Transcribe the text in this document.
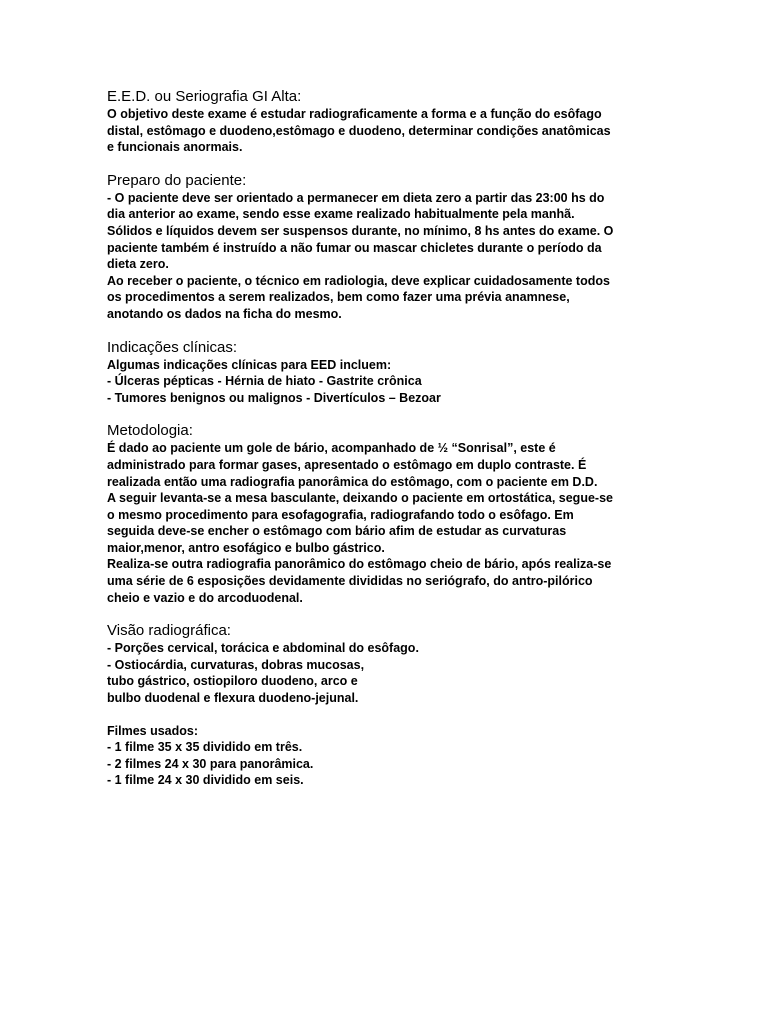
E.E.D. ou Seriografia GI Alta:
O objetivo deste exame é estudar radiograficamente a forma e a função do esôfago
distal, estômago e duodeno,estômago e duodeno, determinar condições anatômicas
e funcionais anormais.
Preparo do paciente:
- O paciente deve ser orientado a permanecer em dieta zero a partir das 23:00 hs do
dia anterior ao exame, sendo esse exame realizado habitualmente pela manhã.
Sólidos e líquidos devem ser suspensos durante, no mínimo, 8 hs antes do exame. O
paciente também é instruído a não fumar ou mascar chicletes durante o período da
dieta zero.
Ao receber o paciente, o técnico em radiologia, deve explicar cuidadosamente todos
os procedimentos a serem realizados, bem como fazer uma prévia anamnese,
anotando os dados na ficha do mesmo.
Indicações clínicas:
Algumas indicações clínicas para EED incluem:
- Úlceras pépticas - Hérnia de hiato - Gastrite crônica
- Tumores benignos ou malignos - Divertículos – Bezoar
Metodologia:
É dado ao paciente um gole de bário, acompanhado de ½ “Sonrisal”, este é
administrado para formar gases, apresentado o estômago em duplo contraste. É
realizada então uma radiografia panorâmica do estômago, com o paciente em D.D.
A seguir levanta-se a mesa basculante, deixando o paciente em ortostática, segue-se
o mesmo procedimento para esofagografia, radiografando todo o esôfago. Em
seguida deve-se encher o estômago com bário afim de estudar as curvaturas
maior,menor, antro esofágico e bulbo gástrico.
Realiza-se outra radiografia panorâmico do estômago cheio de bário, após realiza-se
uma série de 6 esposições devidamente divididas no seriógrafo, do antro-pilórico
cheio e vazio e do arcoduodenal.
Visão radiográfica:
- Porções cervical, torácica e abdominal do esôfago.
- Ostiocárdia, curvaturas, dobras mucosas,
tubo gástrico, ostiopiloro duodeno, arco e
bulbo duodenal e flexura duodeno-jejunal.
Filmes usados:
- 1 filme 35 x 35 dividido em três.
- 2 filmes 24 x 30 para panorâmica.
- 1 filme 24 x 30 dividido em seis.
